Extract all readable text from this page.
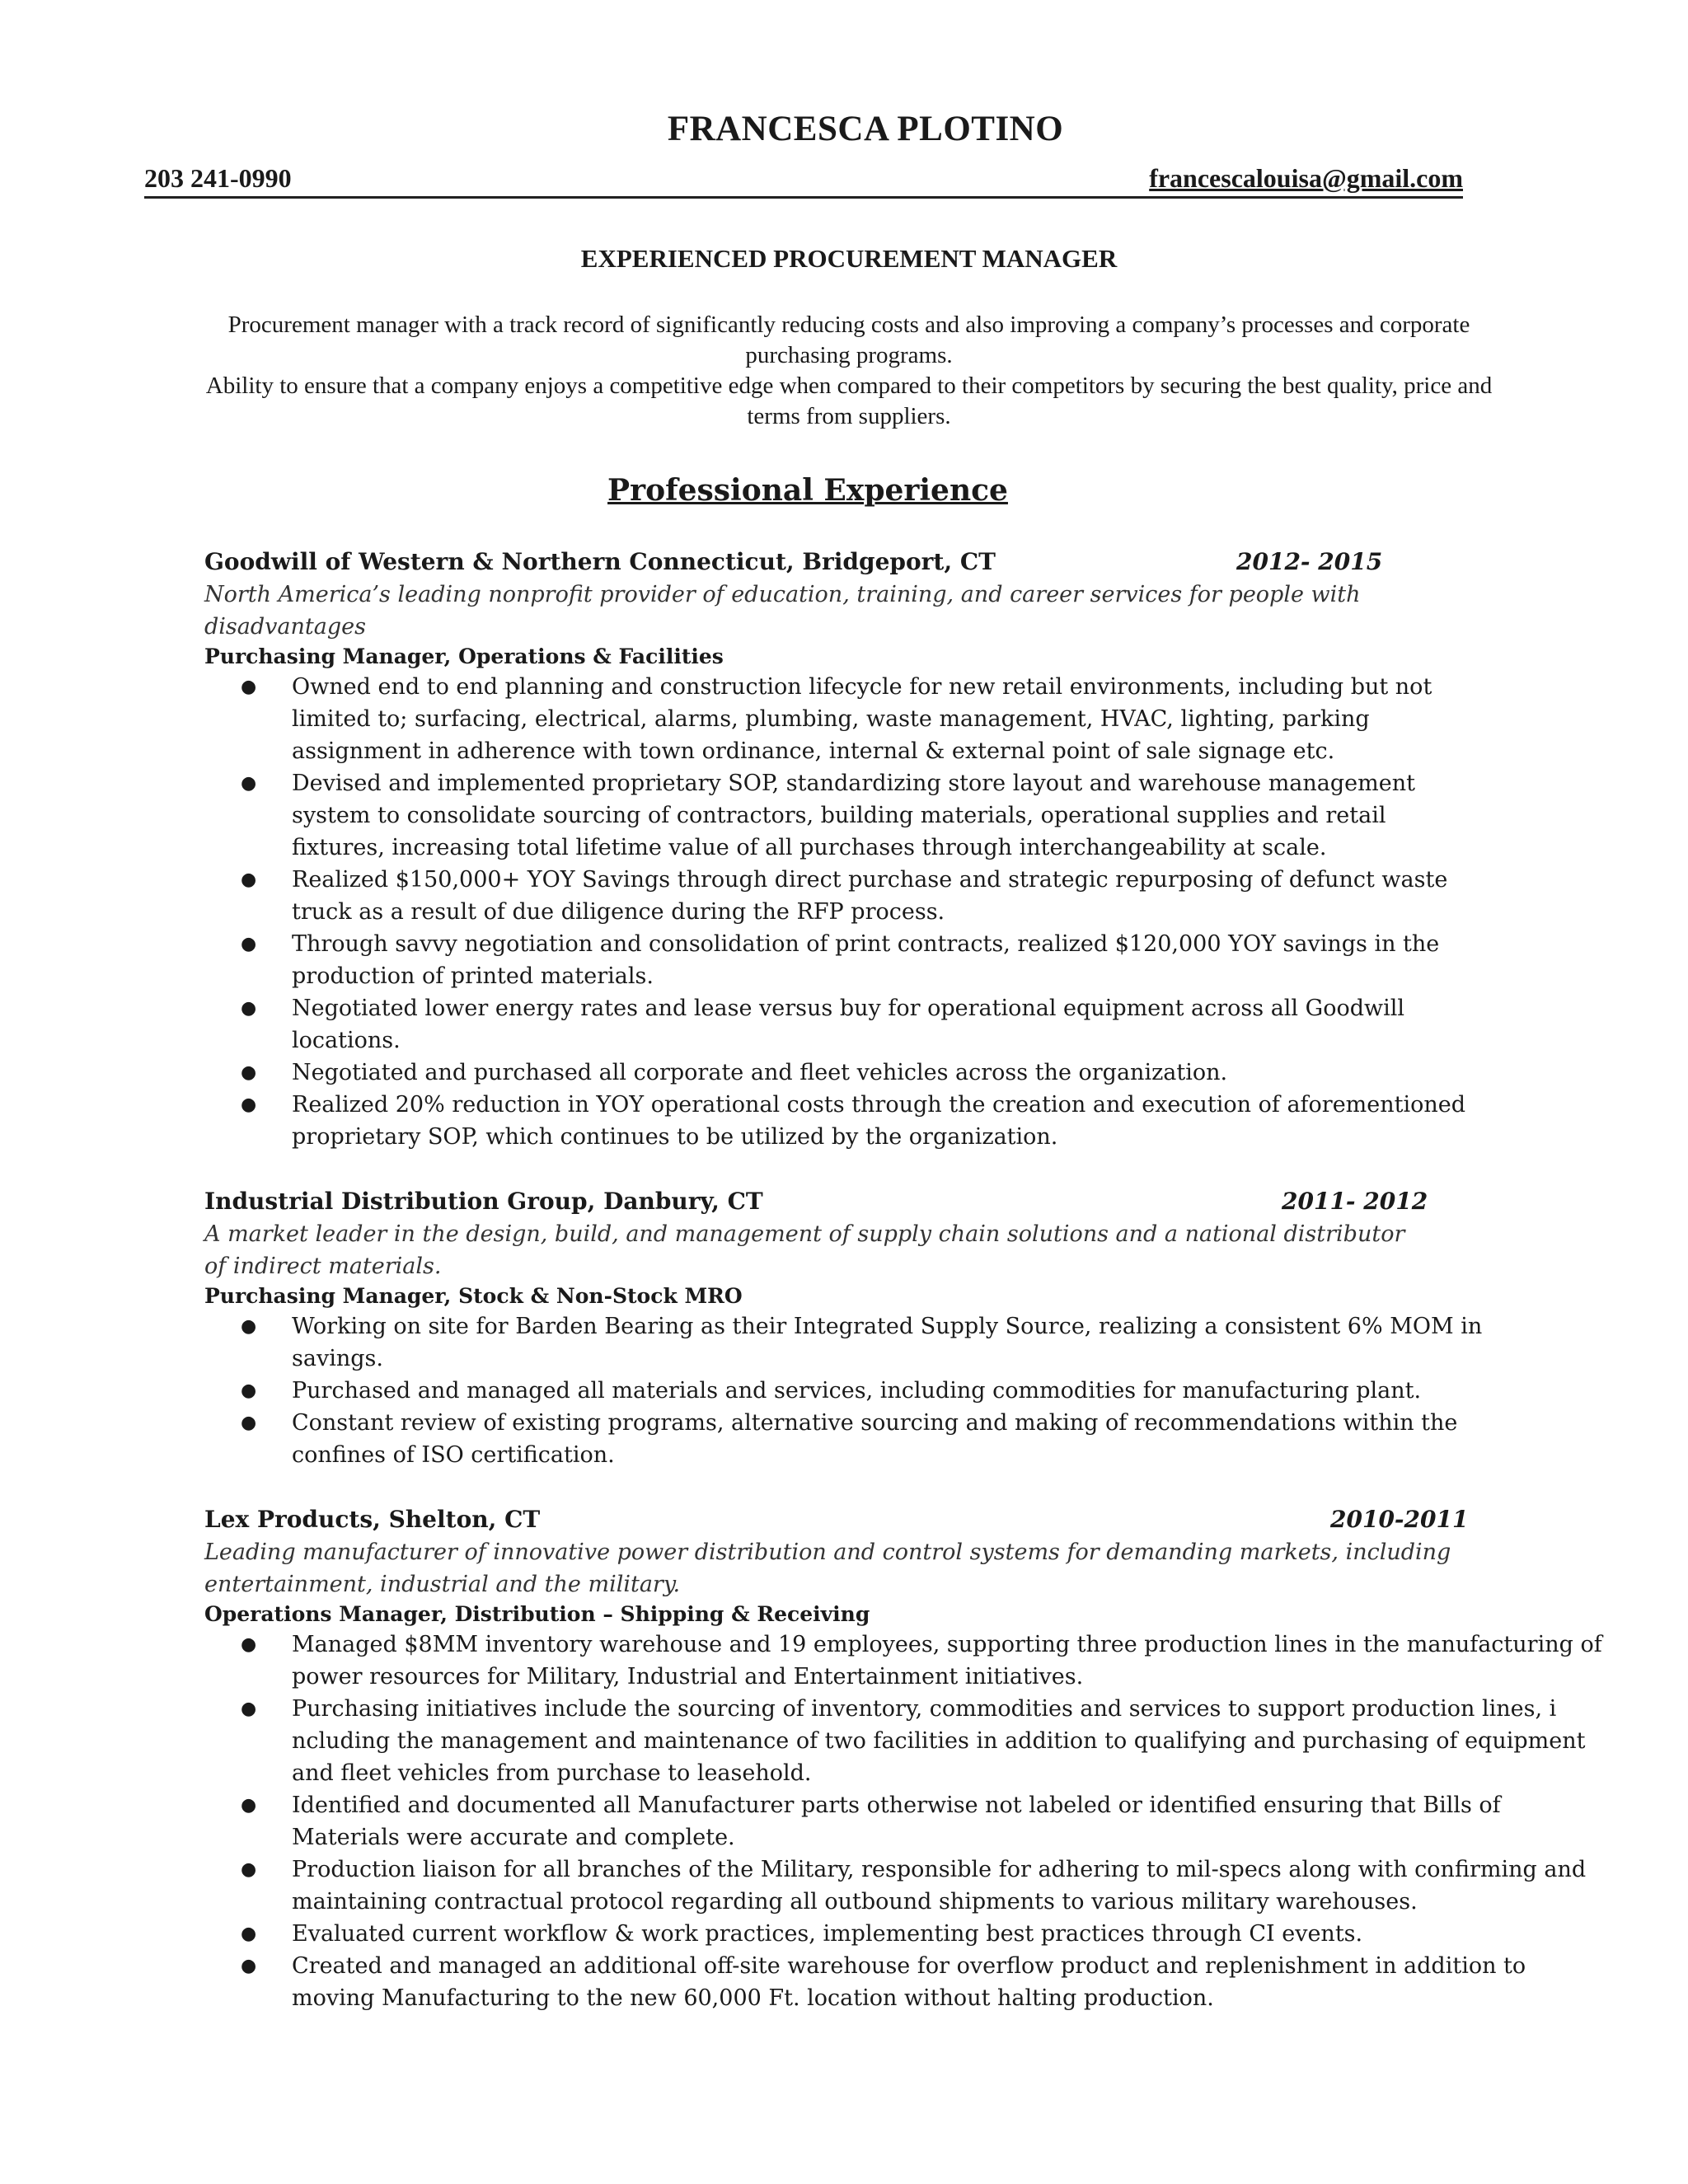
FRANCESCA PLOTINO
203 241-0990	francescalouisa@gmail.com
EXPERIENCED PROCUREMENT MANAGER

Procurement manager with a track record of significantly reducing costs and also improving a company’s processes and corporate purchasing programs.

Ability to ensure that a company enjoys a competitive edge when compared to their competitors by securing the best quality, price and terms from suppliers.

Professional Experience
Goodwill of Western & Northern Connecticut, Bridgeport, CT	2012- 2015
North America’s leading nonprofit provider of education, training, and career services for people with disadvantages
Purchasing Manager, Operations & Facilities
● Owned end to end planning and construction lifecycle for new retail environments, including but not limited to; surfacing, electrical, alarms, plumbing, waste management, HVAC, lighting, parking assignment in adherence with town ordinance, internal & external point of sale signage etc.
● Devised and implemented proprietary SOP, standardizing store layout and warehouse management system to consolidate sourcing of contractors, building materials, operational supplies and retail fixtures, increasing total lifetime value of all purchases through interchangeability at scale.
● Realized $150,000+ YOY Savings through direct purchase and strategic repurposing of defunct waste truck as a result of due diligence during the RFP process.
● Through savvy negotiation and consolidation of print contracts, realized $120,000 YOY savings in the production of printed materials.
● Negotiated lower energy rates and lease versus buy for operational equipment across all Goodwill locations.
● Negotiated and purchased all corporate and fleet vehicles across the organization.
● Realized 20% reduction in YOY operational costs through the creation and execution of aforementioned proprietary SOP, which continues to be utilized by the organization.
Industrial Distribution Group, Danbury, CT	2011- 2012
A market leader in the design, build, and management of supply chain solutions and a national distributor of indirect materials.
Purchasing Manager, Stock & Non-Stock MRO
● Working on site for Barden Bearing as their Integrated Supply Source, realizing a consistent 6% MOM in savings.
● Purchased and managed all materials and services, including commodities for manufacturing plant.
● Constant review of existing programs, alternative sourcing and making of recommendations within the confines of ISO certification.
Lex Products, Shelton, CT	2010-2011
Leading manufacturer of innovative power distribution and control systems for demanding markets, including entertainment, industrial and the military.
Operations Manager, Distribution – Shipping & Receiving
● Managed $8MM inventory warehouse and 19 employees, supporting three production lines in the manufacturing of power resources for Military, Industrial and Entertainment initiatives.
● Purchasing initiatives include the sourcing of inventory, commodities and services to support production lines, i ncluding the management and maintenance of two facilities in addition to qualifying and purchasing of equipment and fleet vehicles from purchase to leasehold.
● Identified and documented all Manufacturer parts otherwise not labeled or identified ensuring that Bills of Materials were accurate and complete.
● Production liaison for all branches of the Military, responsible for adhering to mil-specs along with confirming and maintaining contractual protocol regarding all outbound shipments to various military warehouses.
● Evaluated current workflow & work practices, implementing best practices through CI events.
● Created and managed an additional off-site warehouse for overflow product and replenishment in addition to moving Manufacturing to the new 60,000 Ft. location without halting production.
